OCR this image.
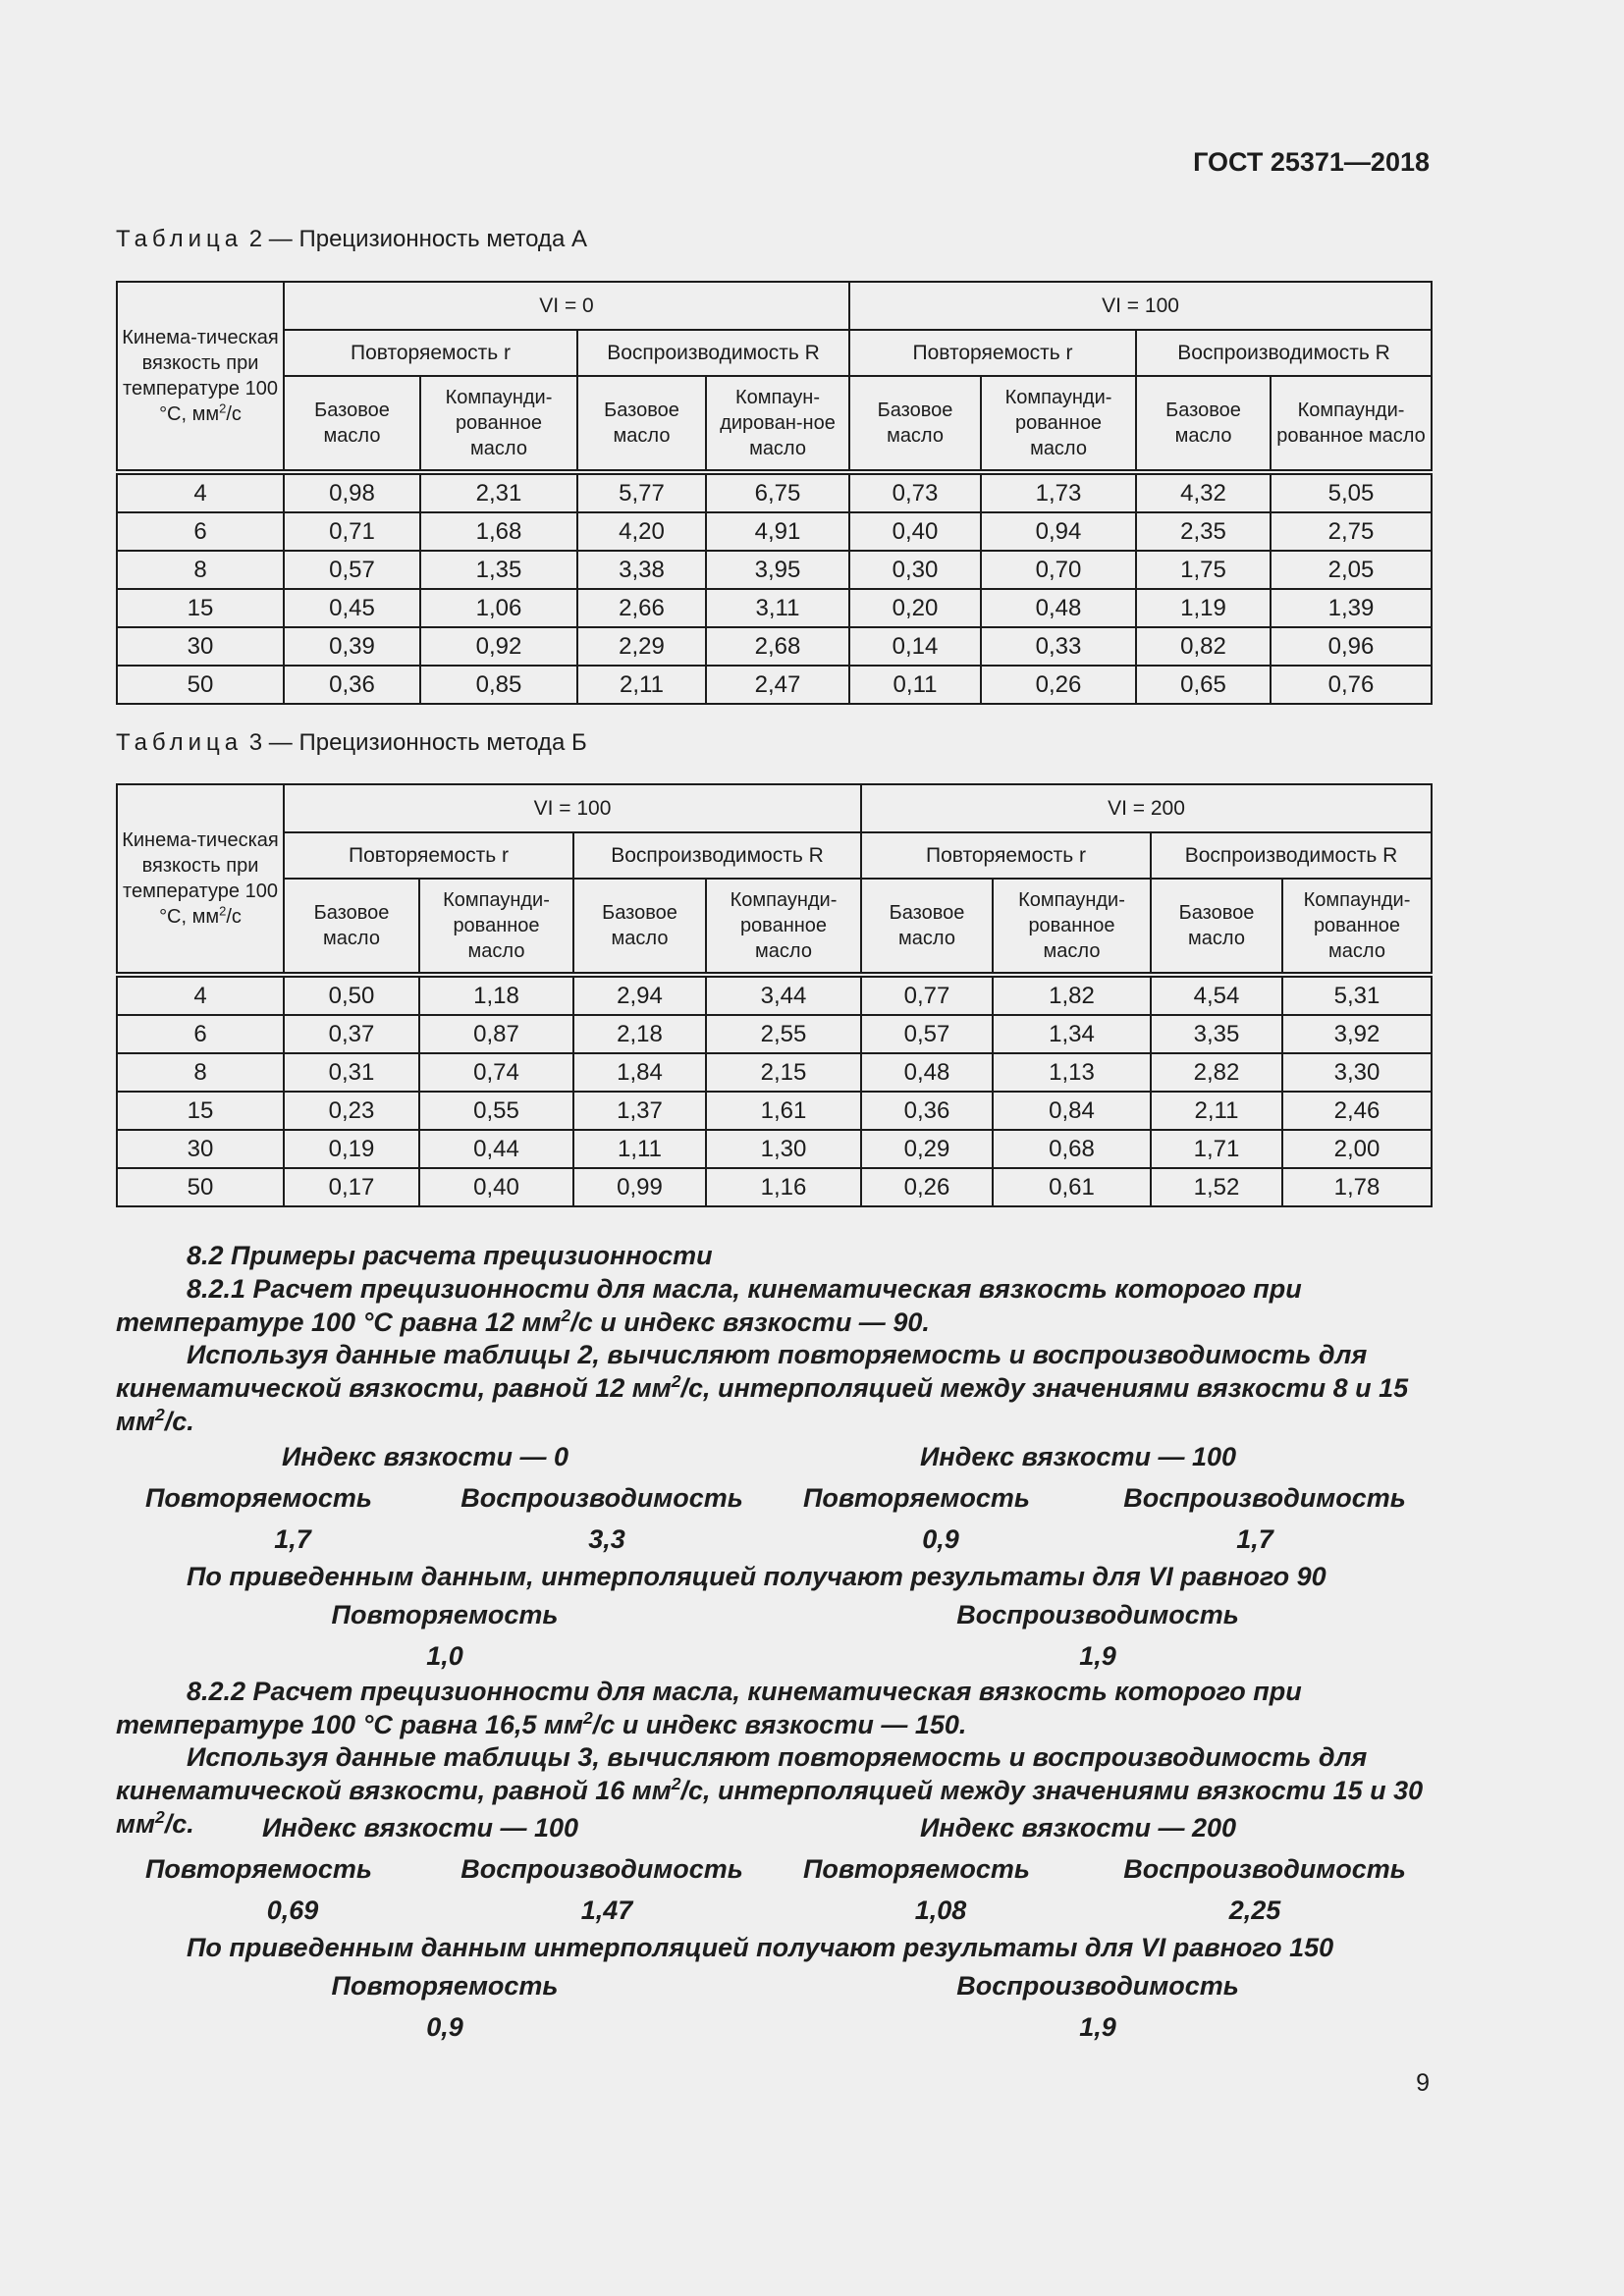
ГОСТ 25371—2018
Таблица 2 — Прецизионность метода А
Кинема-тическая вязкость при температуре 100 °С, $мм^2/с$	VI = 0				VI = 100			
	Повторяемость r		Воспроизводимость R		Повторяемость r		Воспроизводимость R	
	Базовое масло	Компаунди-рованное масло	Базовое масло	Компаун-дирован-ное масло	Базовое масло	Компаунди-рованное масло	Базовое масло	Компаунди-рованное масло
4	0,98	2,31	5,77	6,75	0,73	1,73	4,32	5,05
6	0,71	1,68	4,20	4,91	0,40	0,94	2,35	2,75
8	0,57	1,35	3,38	3,95	0,30	0,70	1,75	2,05
15	0,45	1,06	2,66	3,11	0,20	0,48	1,19	1,39
30	0,39	0,92	2,29	2,68	0,14	0,33	0,82	0,96
50	0,36	0,85	2,11	2,47	0,11	0,26	0,65	0,76
Таблица 3 — Прецизионность метода Б
Кинема-тическая вязкость при температуре 100 °С, $мм^2/с$	VI = 100				VI = 200			
	Повторяемость r		Воспроизводимость R		Повторяемость r		Воспроизводимость R	
	Базовое масло	Компаунди-рованное масло	Базовое масло	Компаунди-рованное масло	Базовое масло	Компаунди-рованное масло	Базовое масло	Компаунди-рованное масло
4	0,50	1,18	2,94	3,44	0,77	1,82	4,54	5,31
6	0,37	0,87	2,18	2,55	0,57	1,34	3,35	3,92
8	0,31	0,74	1,84	2,15	0,48	1,13	2,82	3,30
15	0,23	0,55	1,37	1,61	0,36	0,84	2,11	2,46
30	0,19	0,44	1,11	1,30	0,29	0,68	1,71	2,00
50	0,17	0,40	0,99	1,16	0,26	0,61	1,52	1,78

8.2 Примеры расчета прецизионности

8.2.1 Расчет прецизионности для масла, кинематическая вязкость которого при температуре 100 °С равна 12 $мм^2/с$ и индекс вязкости — 90.

Используя данные таблицы 2, вычисляют повторяемость и воспроизводимость для кинематической вязкости, равной 12 $мм^2/с$, интерполяцией между значениями вязкости 8 и 15 $мм^2/с$.

Индекс вязкости — 0	Индекс вязкости — 100
Повторяемость	Воспроизводимость Повторяемость	Воспроизводимость
1,7	3,3	0,9	1,7

По приведенным данным, интерполяцией получают результаты для VI равного 90

Повторяемость	Воспроизводимость
1,0	1,9

8.2.2 Расчет прецизионности для масла, кинематическая вязкость которого при температуре 100 °С равна 16,5 $мм^2/с$ и индекс вязкости — 150.

Используя данные таблицы 3, вычисляют повторяемость и воспроизводимость для кинематической вязкости, равной 16 $мм^2/с$, интерполяцией между значениями вязкости 15 и 30 $мм^2/с$.	Индекс вязкости — 100	Индекс вязкости — 200
Повторяемость	Воспроизводимость Повторяемость	Воспроизводимость
0,69	1,47	1,08	2,25

По приведенным данным интерполяцией получают результаты для VI равного 150

Повторяемость	Воспроизводимость
0,9	1,9
9
